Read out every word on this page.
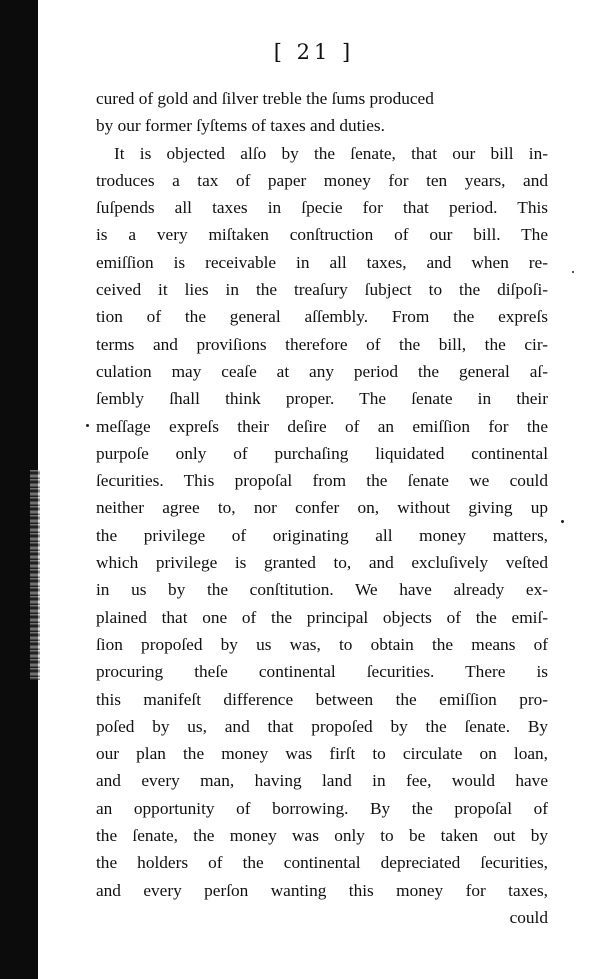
[ 21 ]
cured of gold and ſilver treble the ſums produced
by our former ſyſtems of taxes and duties.
It is objected alſo by the ſenate, that our bill in-
troduces a tax of paper money for ten years, and
ſuſpends all taxes in ſpecie for that period. This
is a very miſtaken conſtruction of our bill. The
emiſſion is receivable in all taxes, and when re-
ceived it lies in the treaſury ſubject to the diſpoſi-
tion of the general aſſembly. From the expreſs
terms and proviſions therefore of the bill, the cir-
culation may ceaſe at any period the general aſ-
ſembly ſhall think proper. The ſenate in their
meſſage expreſs their deſire of an emiſſion for the
purpoſe only of purchaſing liquidated continental
ſecurities. This propoſal from the ſenate we could
neither agree to, nor confer on, without giving up
the privilege of originating all money matters,
which privilege is granted to, and excluſively veſted
in us by the conſtitution. We have already ex-
plained that one of the principal objects of the emiſ-
ſion propoſed by us was, to obtain the means of
procuring theſe continental ſecurities. There is
this manifeſt difference between the emiſſion pro-
poſed by us, and that propoſed by the ſenate. By
our plan the money was firſt to circulate on loan,
and every man, having land in fee, would have
an opportunity of borrowing. By the propoſal of
the ſenate, the money was only to be taken out by
the holders of the continental depreciated ſecurities,
and every perſon wanting this money for taxes,
could
